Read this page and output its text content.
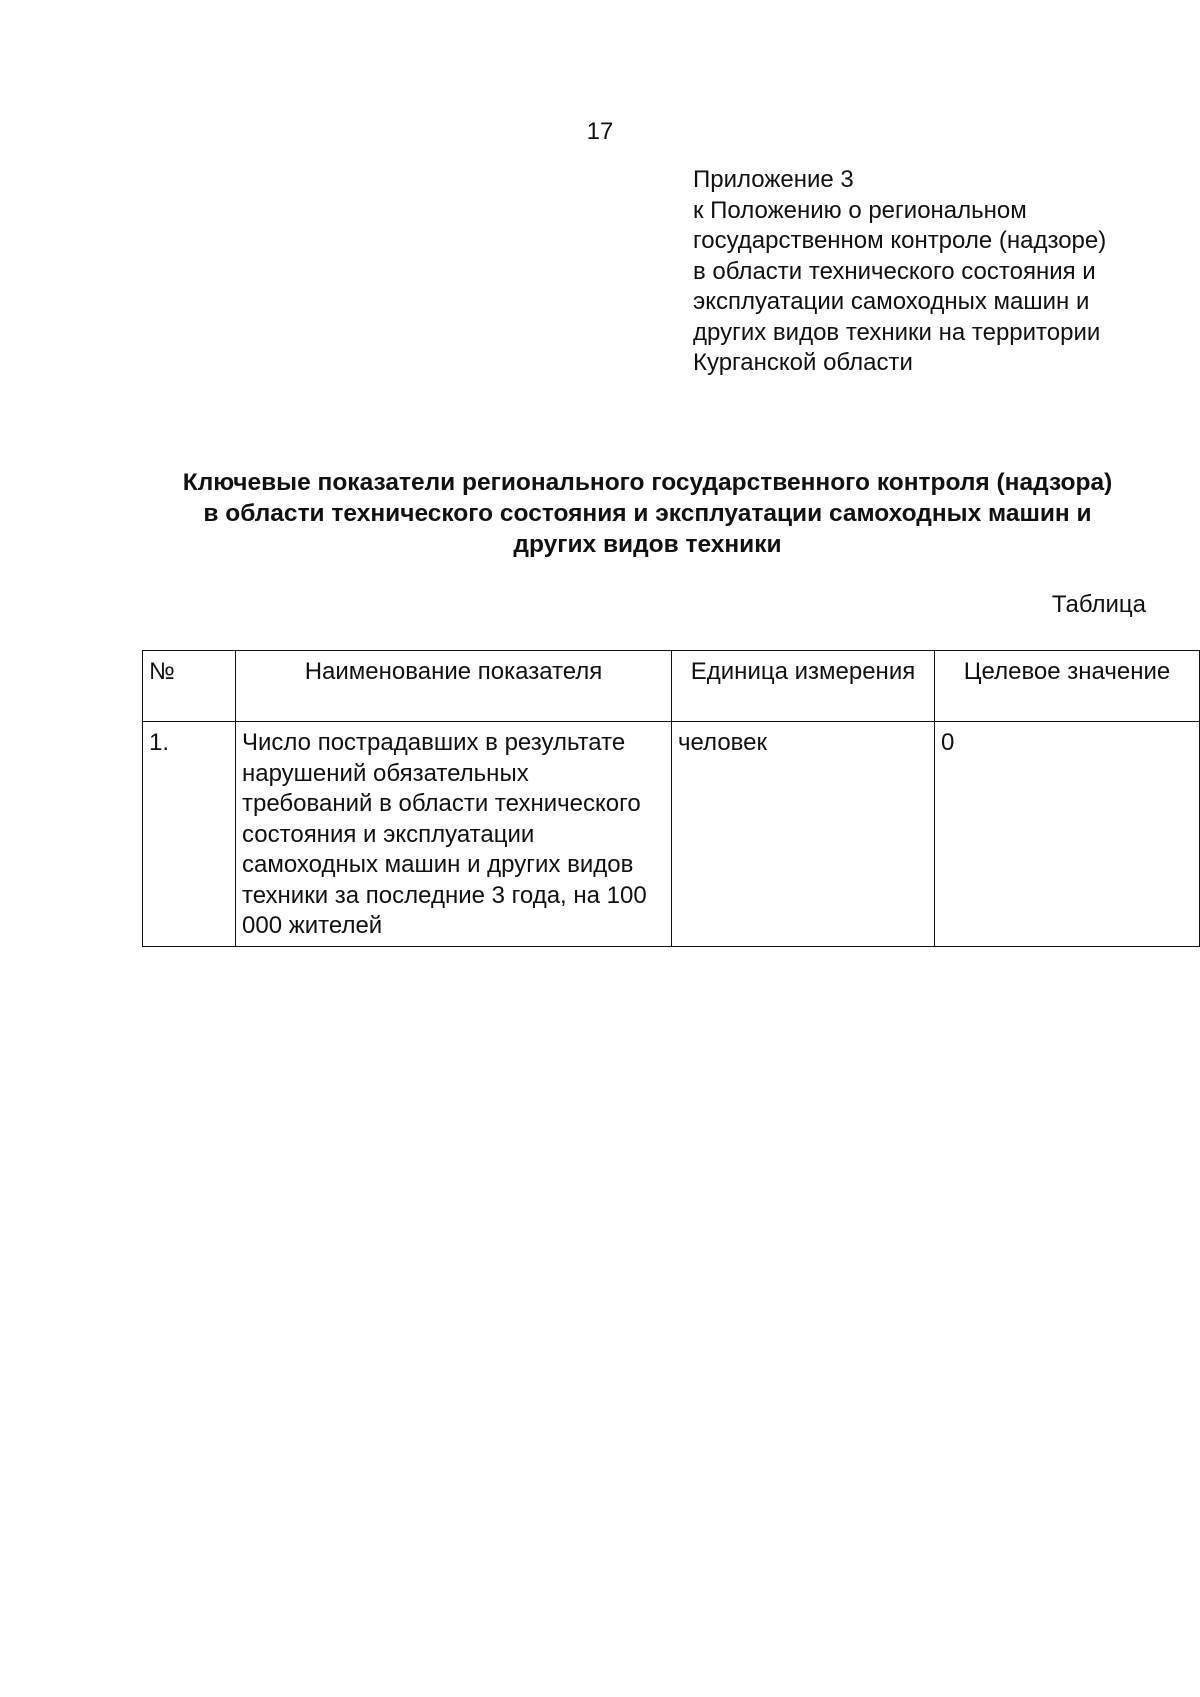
17
Приложение 3
к Положению о региональном
государственном контроле (надзоре)
в области технического состояния и
эксплуатации самоходных машин и
других видов техники на территории
Курганской области
Ключевые показатели регионального государственного контроля (надзора)
в области технического состояния и эксплуатации самоходных машин и
других видов техники
Таблица
№	Наименование показателя	Единица измерения	Целевое значение
1.	Число пострадавших в результате нарушений обязательных требований в области технического состояния и эксплуатации самоходных машин и других видов техники за последние 3 года, на 100 000 жителей	человек	0
